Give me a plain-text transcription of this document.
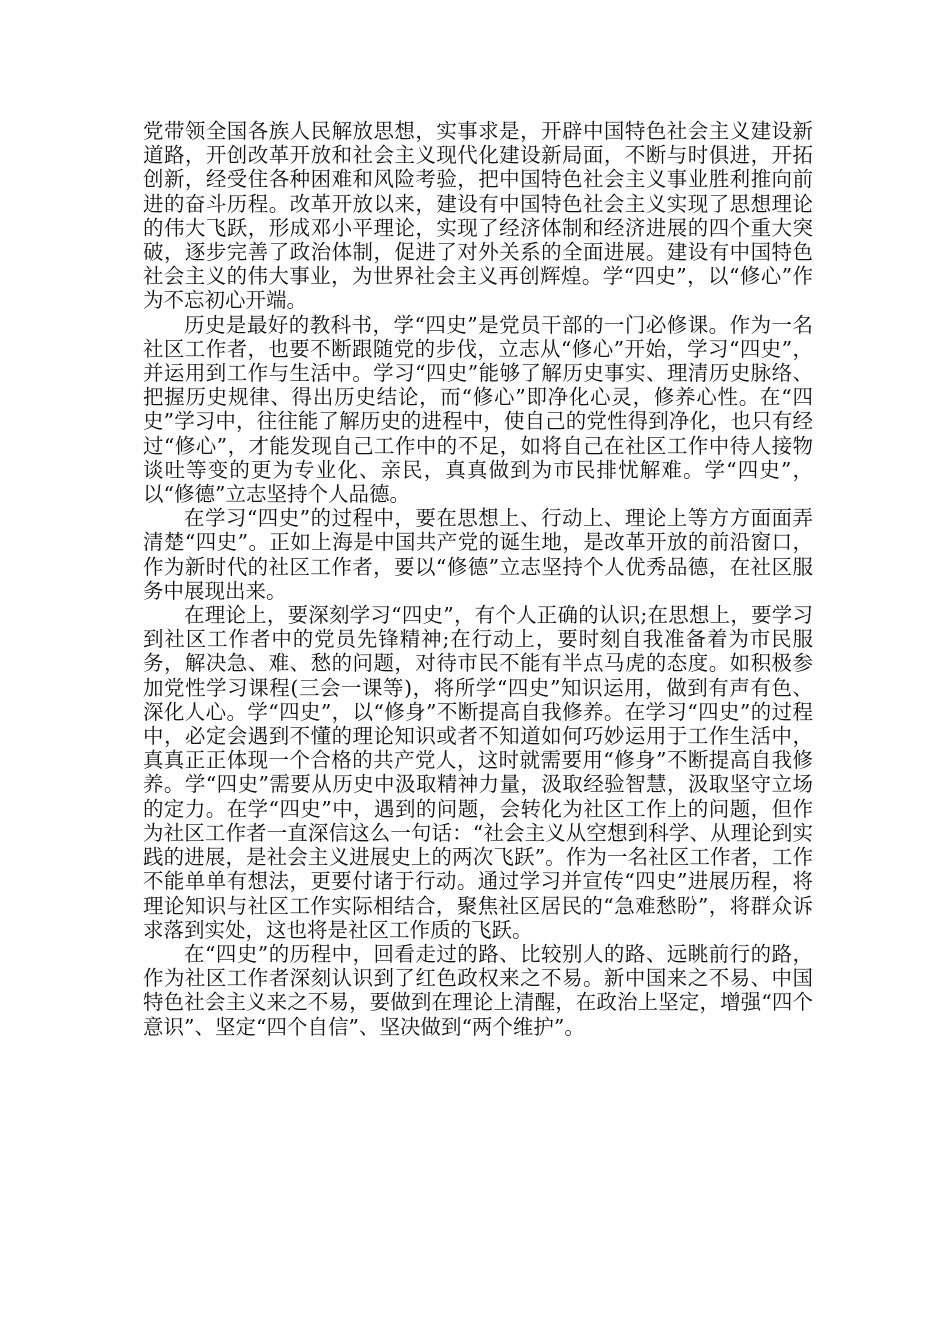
党带领全国各族人民解放思想，实事求是，开辟中国特色社会主义建设新道路，开创改革开放和社会主义现代化建设新局面，不断与时俱进，开拓创新，经受住各种困难和风险考验，把中国特色社会主义事业胜利推向前进的奋斗历程。改革开放以来，建设有中国特色社会主义实现了思想理论的伟大飞跃，形成邓小平理论，实现了经济体制和经济进展的四个重大突破，逐步完善了政治体制，促进了对外关系的全面进展。建设有中国特色社会主义的伟大事业，为世界社会主义再创辉煌。学“四史”，以“修心”作为不忘初心开端。

历史是最好的教科书，学“四史”是党员干部的一门必修课。作为一名社区工作者，也要不断跟随党的步伐，立志从“修心”开始，学习“四史”，并运用到工作与生活中。学习“四史”能够了解历史事实、理清历史脉络、把握历史规律、得出历史结论，而“修心”即净化心灵，修养心性。在“四史”学习中，往往能了解历史的进程中，使自己的党性得到净化，也只有经过“修心”，才能发现自己工作中的不足，如将自己在社区工作中待人接物谈吐等变的更为专业化、亲民，真真做到为市民排忧解难。学“四史”，以“修德”立志坚持个人品德。

在学习“四史”的过程中，要在思想上、行动上、理论上等方方面面弄清楚“四史”。正如上海是中国共产党的诞生地，是改革开放的前沿窗口，作为新时代的社区工作者，要以“修德”立志坚持个人优秀品德，在社区服务中展现出来。

在理论上，要深刻学习“四史”，有个人正确的认识;在思想上，要学习到社区工作者中的党员先锋精神;在行动上，要时刻自我准备着为市民服务，解决急、难、愁的问题，对待市民不能有半点马虎的态度。如积极参加党性学习课程(三会一课等)，将所学“四史”知识运用，做到有声有色、深化人心。学“四史”，以“修身”不断提高自我修养。在学习“四史”的过程中，必定会遇到不懂的理论知识或者不知道如何巧妙运用于工作生活中，真真正正体现一个合格的共产党人，这时就需要用“修身”不断提高自我修养。学“四史”需要从历史中汲取精神力量，汲取经验智慧，汲取坚守立场的定力。在学“四史”中，遇到的问题，会转化为社区工作上的问题，但作为社区工作者一直深信这么一句话：“社会主义从空想到科学、从理论到实践的进展，是社会主义进展史上的两次飞跃”。作为一名社区工作者，工作不能单单有想法，更要付诸于行动。通过学习并宣传“四史”进展历程，将理论知识与社区工作实际相结合，聚焦社区居民的“急难愁盼”，将群众诉求落到实处，这也将是社区工作质的飞跃。

在“四史”的历程中，回看走过的路、比较别人的路、远眺前行的路，作为社区工作者深刻认识到了红色政权来之不易。新中国来之不易、中国特色社会主义来之不易，要做到在理论上清醒，在政治上坚定，增强“四个意识”、坚定“四个自信”、坚决做到“两个维护”。
